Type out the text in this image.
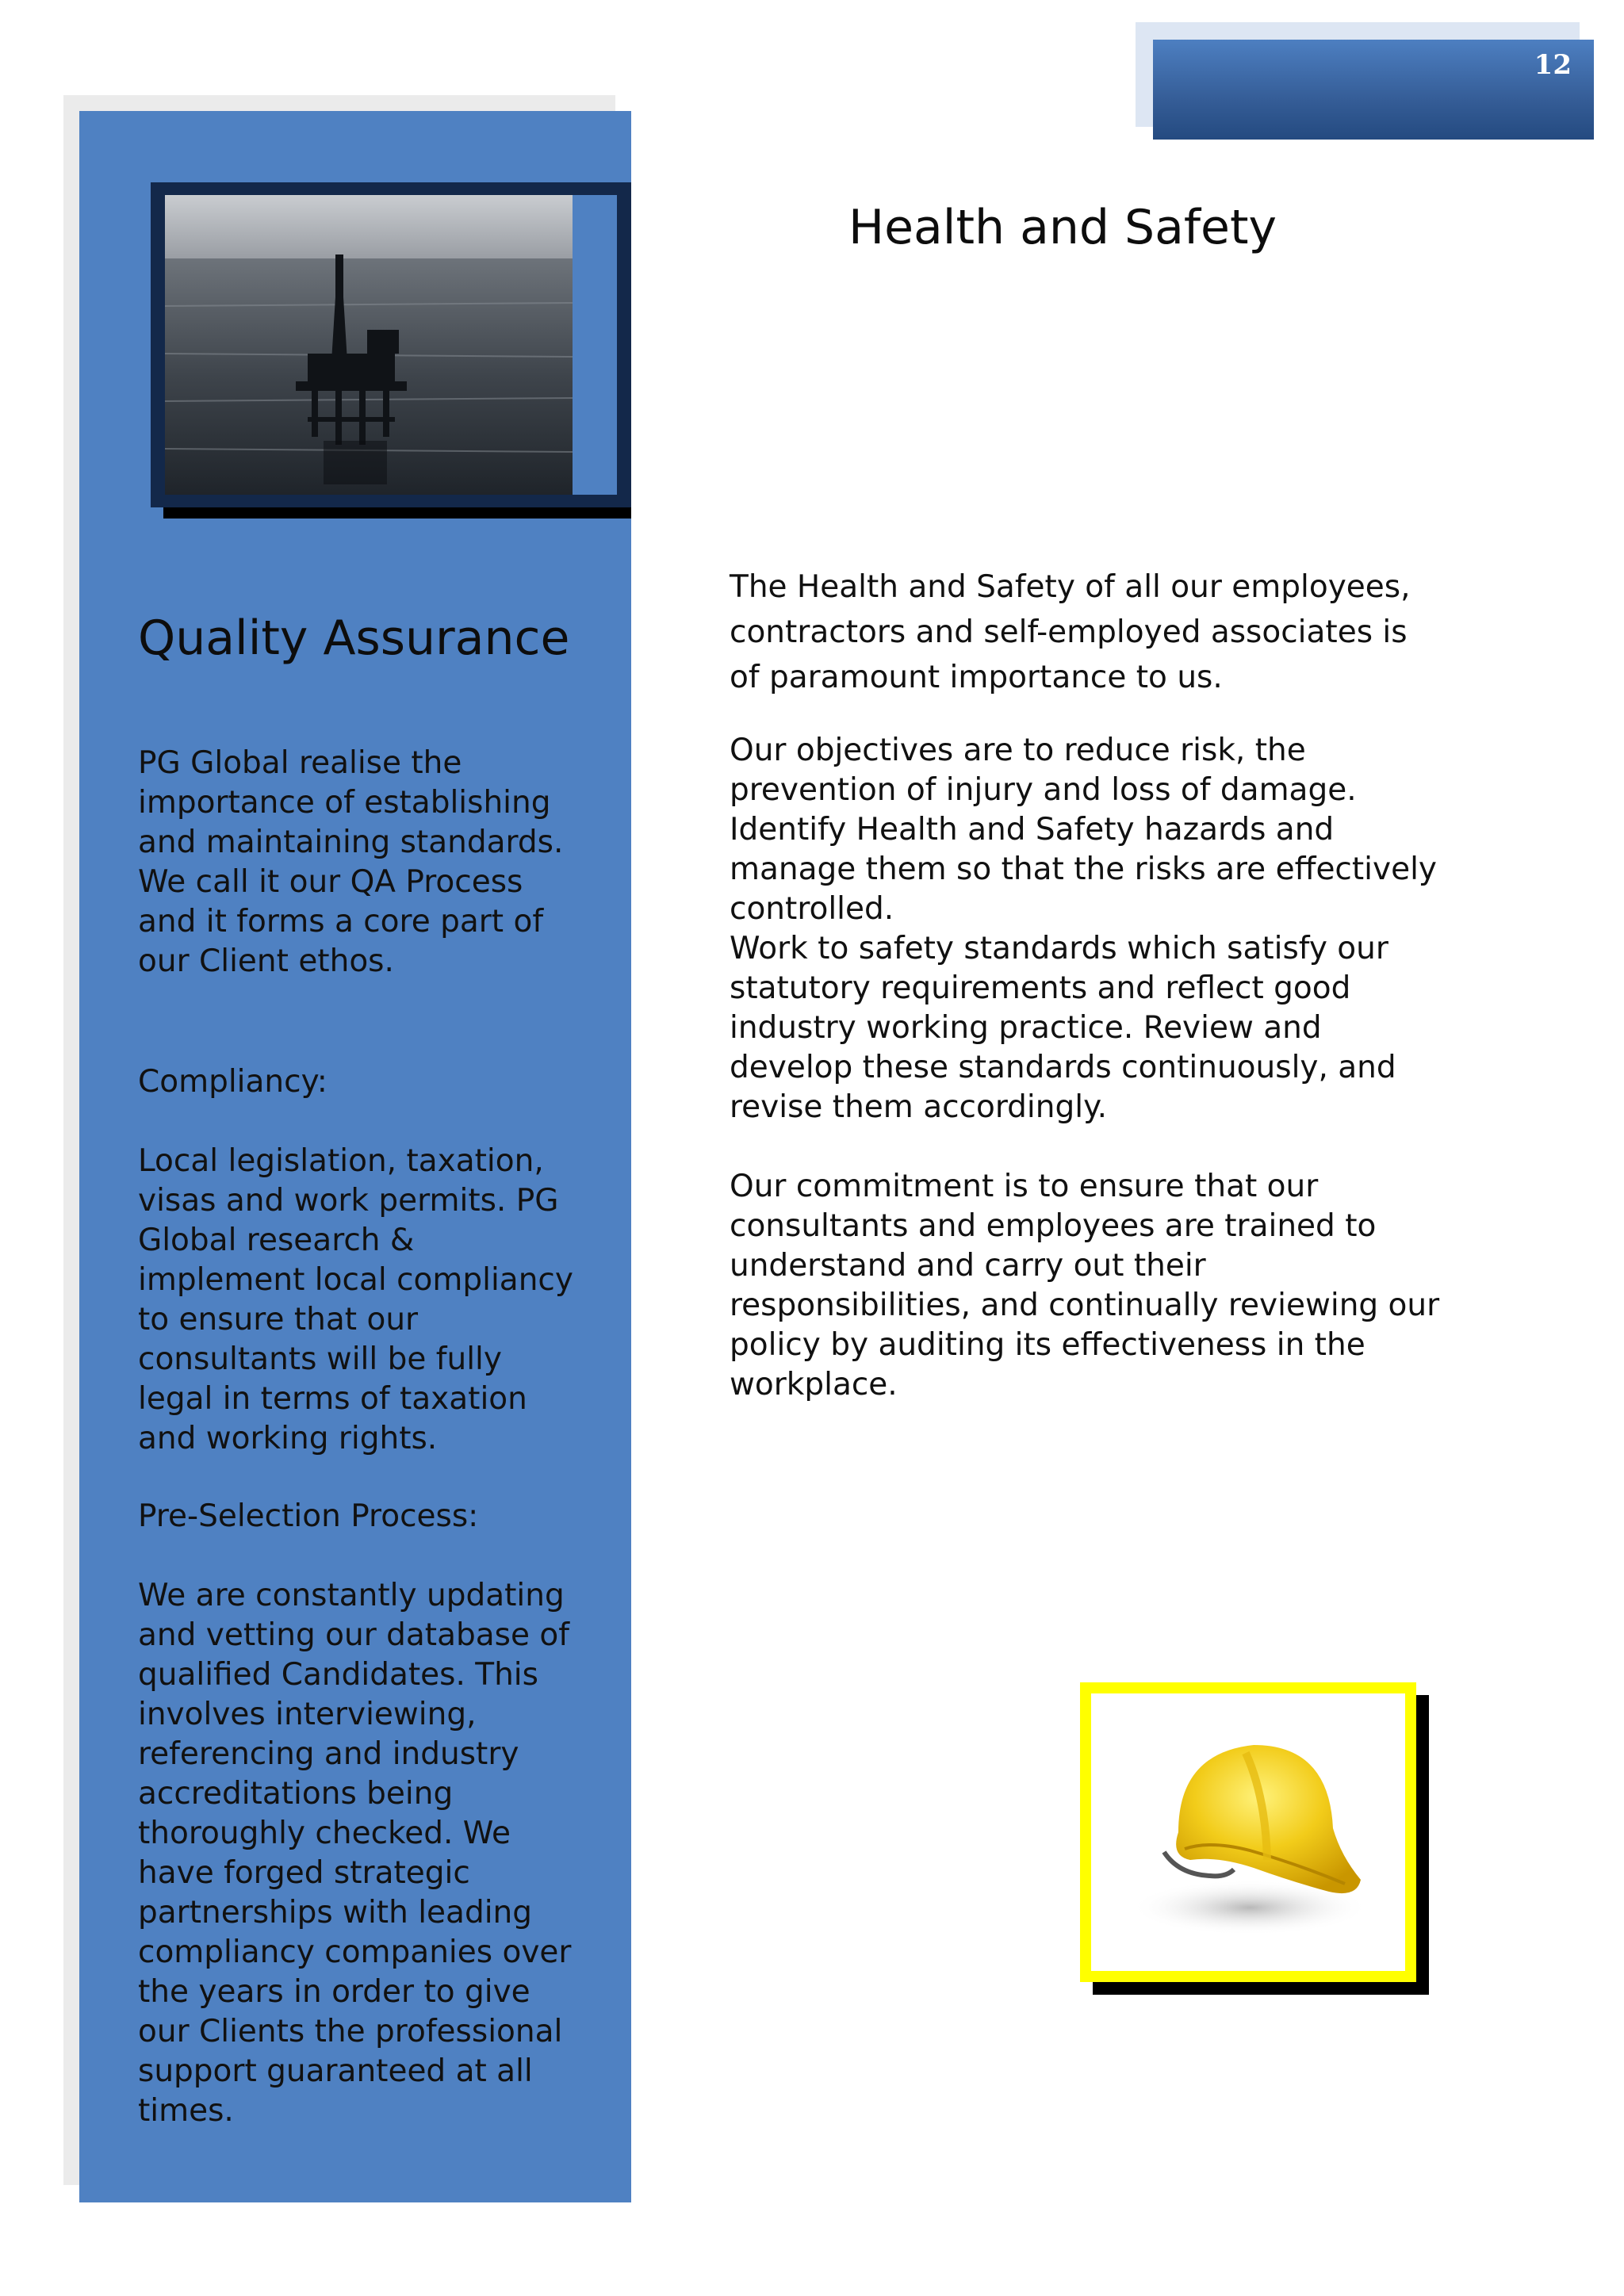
12
Quality Assurance

PG Global realise the importance of establishing and maintaining standards. We call it our QA Process and it forms a core part of our Client ethos.

Compliancy:

Local legislation, taxation, visas and work permits. PG Global research & implement local compliancy to ensure that our consultants will be fully legal in terms of taxation and working rights.

Pre-Selection Process:

We are constantly updating and vetting our database of qualified Candidates. This involves interviewing, referencing and industry accreditations being thoroughly checked. We have forged strategic partnerships with leading compliancy companies over the years in order to give our Clients the professional support guaranteed at all times.

Health and Safety

The Health and Safety of all our employees, contractors and self-employed associates is of paramount importance to us.

Our objectives are to reduce risk, the prevention of injury and loss of damage. Identify Health and Safety hazards and manage them so that the risks are effectively controlled.

Work to safety standards which satisfy our statutory requirements and reflect good industry working practice. Review and develop these standards continuously, and revise them accordingly.

Our commitment is to ensure that our consultants and employees are trained to understand and carry out their responsibilities, and continually reviewing our policy by auditing its effectiveness in the workplace.
